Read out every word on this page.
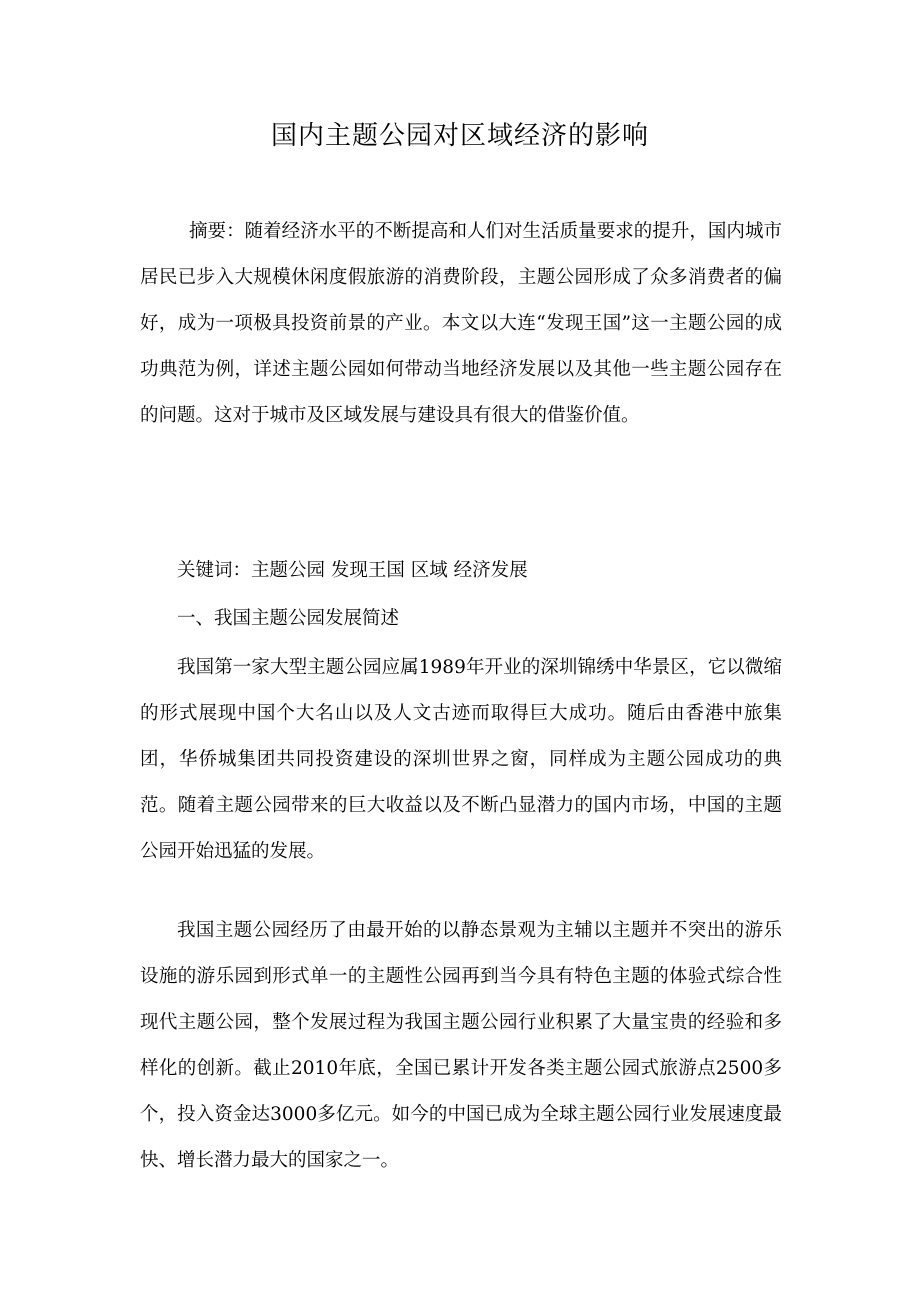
国内主题公园对区域经济的影响

摘要：随着经济水平的不断提高和人们对生活质量要求的提升，国内城市居民已步入大规模休闲度假旅游的消费阶段，主题公园形成了众多消费者的偏好，成为一项极具投资前景的产业。本文以大连“发现王国”这一主题公园的成功典范为例，详述主题公园如何带动当地经济发展以及其他一些主题公园存在的问题。这对于城市及区域发展与建设具有很大的借鉴价值。

关键词：主题公园 发现王国 区域 经济发展

一、我国主题公园发展简述

我国第一家大型主题公园应属1989年开业的深圳锦绣中华景区，它以微缩的形式展现中国个大名山以及人文古迹而取得巨大成功。随后由香港中旅集团，华侨城集团共同投资建设的深圳世界之窗，同样成为主题公园成功的典范。随着主题公园带来的巨大收益以及不断凸显潜力的国内市场，中国的主题公园开始迅猛的发展。

我国主题公园经历了由最开始的以静态景观为主辅以主题并不突出的游乐设施的游乐园到形式单一的主题性公园再到当今具有特色主题的体验式综合性现代主题公园，整个发展过程为我国主题公园行业积累了大量宝贵的经验和多样化的创新。截止2010年底，全国已累计开发各类主题公园式旅游点2500多个，投入资金达3000多亿元。如今的中国已成为全球主题公园行业发展速度最快、增长潜力最大的国家之一。
